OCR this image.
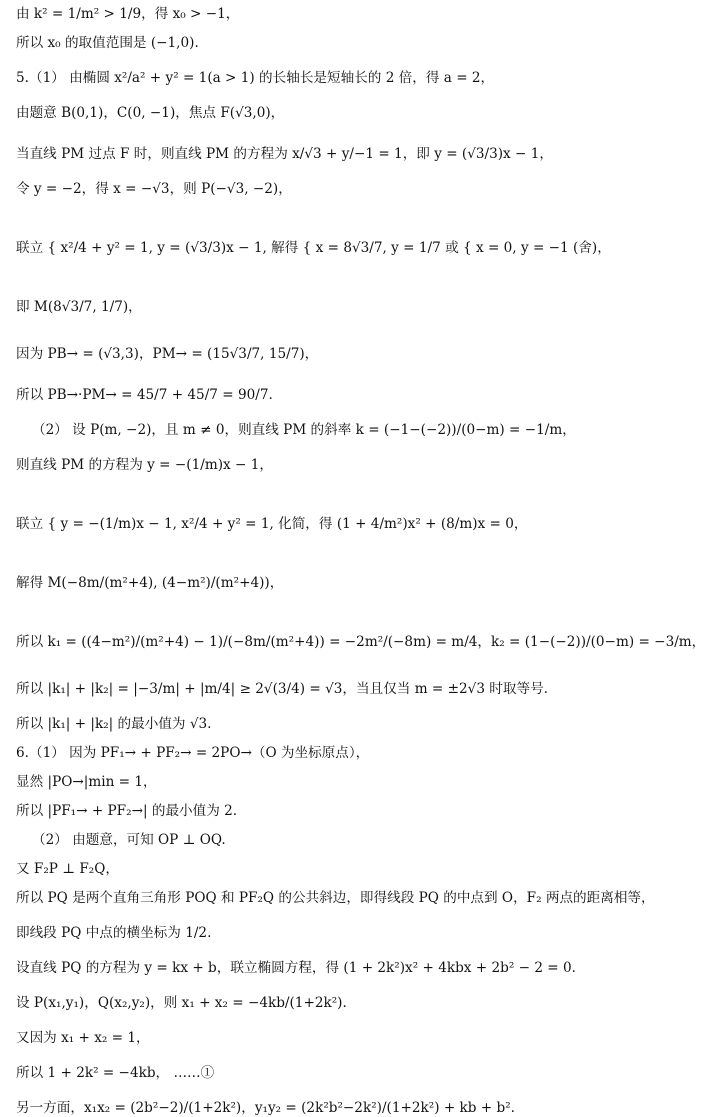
由 k² = 1/m² > 1/9，得 x₀ > −1，

所以 x₀ 的取值范围是 (−1,0).

5.（1） 由椭圆 x²/a² + y² = 1(a > 1) 的长轴长是短轴长的 2 倍，得 a = 2，

由题意 B(0,1)，C(0, −1)，焦点 F(√3,0)，

当直线 PM 过点 F 时，则直线 PM 的方程为 x/√3 + y/−1 = 1，即 y = (√3/3)x − 1，

令 y = −2，得 x = −√3，则 P(−√3, −2)，

联立 { x²/4 + y² = 1, y = (√3/3)x − 1, 解得 { x = 8√3/7, y = 1/7 或 { x = 0, y = −1 (舍)，

即 M(8√3/7, 1/7)，

因为 PB→ = (√3,3)，PM→ = (15√3/7, 15/7)，

所以 PB→·PM→ = 45/7 + 45/7 = 90/7.

（2） 设 P(m, −2)，且 m ≠ 0，则直线 PM 的斜率 k = (−1−(−2))/(0−m) = −1/m，

则直线 PM 的方程为 y = −(1/m)x − 1，

联立 { y = −(1/m)x − 1, x²/4 + y² = 1, 化简，得 (1 + 4/m²)x² + (8/m)x = 0，

解得 M(−8m/(m²+4), (4−m²)/(m²+4))，

所以 k₁ = ((4−m²)/(m²+4) − 1)/(−8m/(m²+4)) = −2m²/(−8m) = m/4，k₂ = (1−(−2))/(0−m) = −3/m，

所以 |k₁| + |k₂| = |−3/m| + |m/4| ≥ 2√(3/4) = √3，当且仅当 m = ±2√3 时取等号.

所以 |k₁| + |k₂| 的最小值为 √3.

6.（1） 因为 PF₁→ + PF₂→ = 2PO→（O 为坐标原点），

显然 |PO→|min = 1，

所以 |PF₁→ + PF₂→| 的最小值为 2.

（2） 由题意，可知 OP ⊥ OQ.

又 F₂P ⊥ F₂Q，

所以 PQ 是两个直角三角形 POQ 和 PF₂Q 的公共斜边，即得线段 PQ 的中点到 O，F₂ 两点的距离相等，

即线段 PQ 中点的横坐标为 1/2.

设直线 PQ 的方程为 y = kx + b，联立椭圆方程，得 (1 + 2k²)x² + 4kbx + 2b² − 2 = 0.

设 P(x₁,y₁)，Q(x₂,y₂)，则 x₁ + x₂ = −4kb/(1+2k²).

又因为 x₁ + x₂ = 1，

所以 1 + 2k² = −4kb， ……①

另一方面，x₁x₂ = (2b²−2)/(1+2k²)，y₁y₂ = (2k²b²−2k²)/(1+2k²) + kb + b².
